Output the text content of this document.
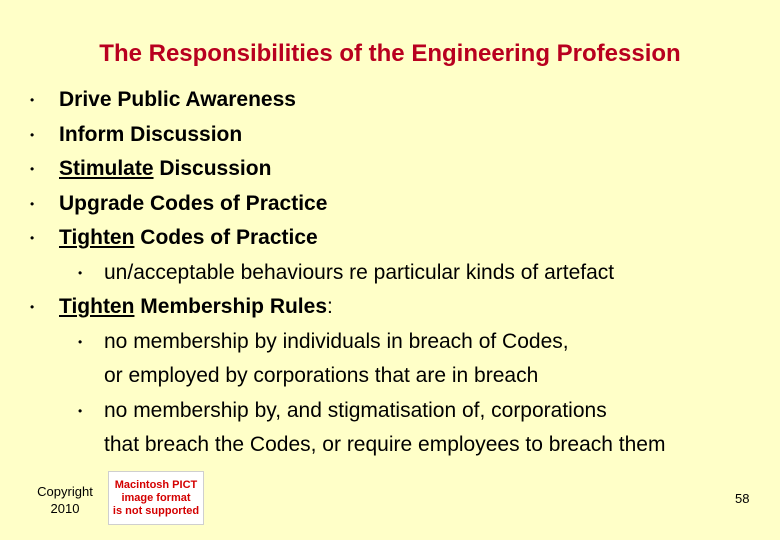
The Responsibilities of the Engineering Profession
• Drive Public Awareness
• Inform Discussion
• Stimulate Discussion
• Upgrade Codes of Practice
• Tighten Codes of Practice
• un/acceptable behaviours re particular kinds of artefact
• Tighten Membership Rules:
• no membership by individuals in breach of Codes,
or employed by corporations that are in breach
• no membership by, and stigmatisation of, corporations
that breach the Codes, or require employees to breach them
Copyright
2010
Macintosh PICT
image format
is not supported
58
